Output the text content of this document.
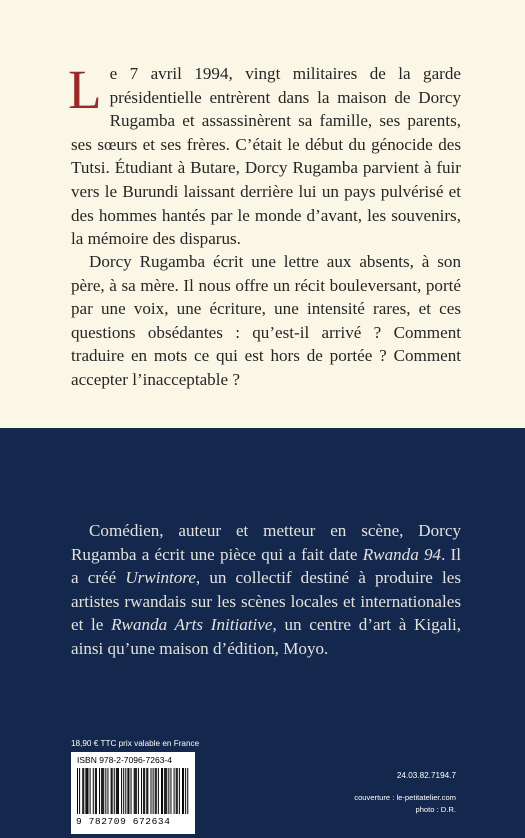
Le 7 avril 1994, vingt militaires de la garde présidentielle entrèrent dans la maison de Dorcy Rugamba et assassinèrent sa famille, ses parents, ses sœurs et ses frères. C’était le début du génocide des Tutsi. Étudiant à Butare, Dorcy Rugamba parvient à fuir vers le Burundi laissant derrière lui un pays pulvérisé et des hommes hantés par le monde d’avant, les souvenirs, la mémoire des disparus.

Dorcy Rugamba écrit une lettre aux absents, à son père, à sa mère. Il nous offre un récit bouleversant, porté par une voix, une écriture, une intensité rares, et ces questions obsédantes : qu’est-il arrivé ? Comment traduire en mots ce qui est hors de portée ? Comment accepter l’inacceptable ?

Comédien, auteur et metteur en scène, Dorcy Rugamba a écrit une pièce qui a fait date Rwanda 94. Il a créé Urwintore, un collectif destiné à produire les artistes rwandais sur les scènes locales et internationales et le Rwanda Arts Initiative, un centre d’art à Kigali, ainsi qu’une maison d’édition, Moyo.

18,90 € TTC prix valable en France
ISBN 978-2-7096-7263-4
9 782709 672634
24.03.82.7194.7
couverture : le-petitatelier.com
photo : D.R.
